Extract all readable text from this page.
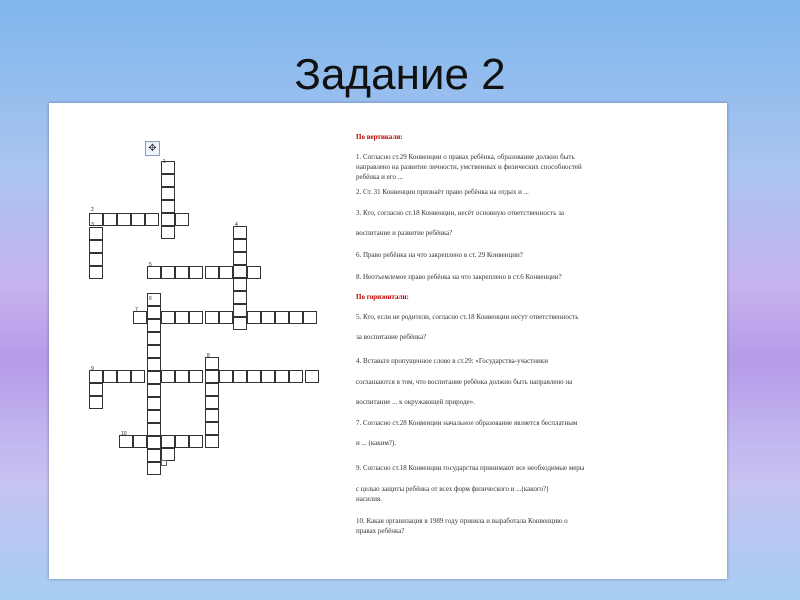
Задание 2
✥
1
2
3	4
5
6
7
8
9
10
По вертикали:
1. Согласно ст.29 Конвенции о правах ребёнка, образование должно быть
направлено на развитие личности, умственных и физических способностей
ребёнка и его ...
2. Ст. 31 Конвенции признаёт право ребёнка на отдых и ...
3. Кто, согласно ст.18 Конвенции, несёт основную ответственность за
воспитание и развитие ребёнка?
6. Право ребёнка на что закреплено в ст. 29 Конвенции?
8. Неотъемлемое право ребёнка на что закреплено в ст.6 Конвенции?
По горизонтали:
5. Кто, если не родители, согласно ст.18 Конвенции несут ответственность
за воспитание ребёнка?
4. Вставьте пропущенное слово в ст.29: «Государства-участники
соглашаются в том, что воспитание ребёнка должно быть направлено на
воспитание ... к окружающей природе».
7. Согласно ст.28 Конвенции начальное образование является бесплатным
и ... (каким?).
9. Согласно ст.18 Конвенции государства принимают все необходимые меры
с целью защиты ребёнка от всех форм физического и ...(какого?)
насилия.
10. Какая организация в 1989 году приняла и выработала Конвенцию о
правах ребёнка?
